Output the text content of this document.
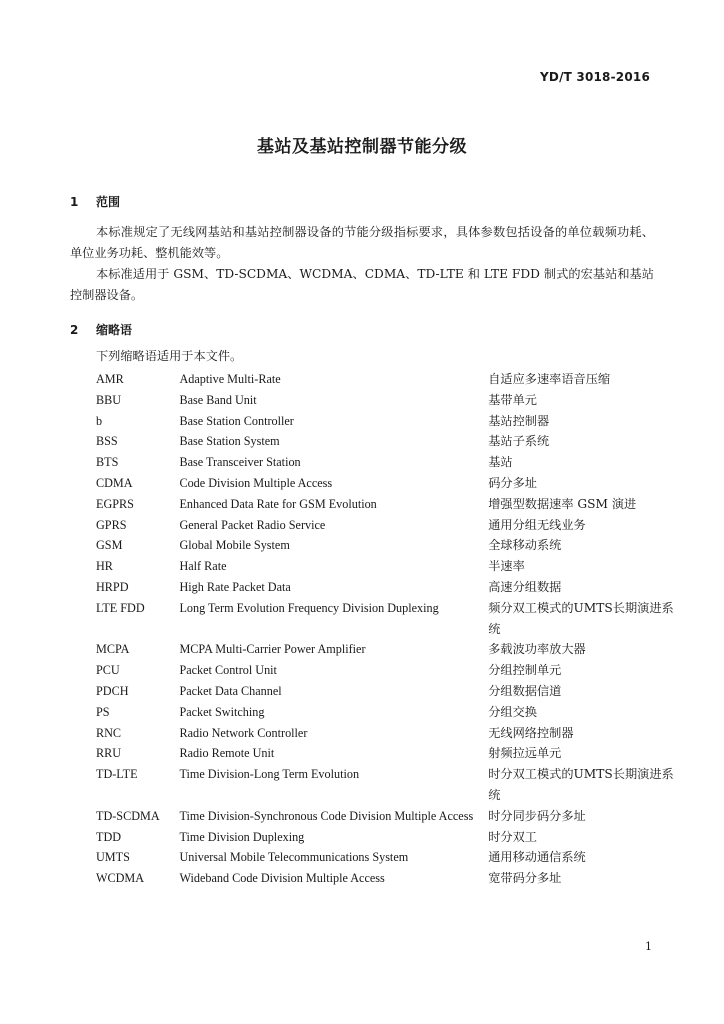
YD/T 3018-2016
基站及基站控制器节能分级
1 范围
本标准规定了无线网基站和基站控制器设备的节能分级指标要求，具体参数包括设备的单位载频功耗、单位业务功耗、整机能效等。
本标准适用于 GSM、TD-SCDMA、WCDMA、CDMA、TD-LTE 和 LTE FDD 制式的宏基站和基站控制器设备。
2 缩略语
下列缩略语适用于本文件。
AMR	Adaptive Multi-Rate	自适应多速率语音压缩
BBU	Base Band Unit	基带单元
b	Base Station Controller	基站控制器
BSS	Base Station System	基站子系统
BTS	Base Transceiver Station	基站
CDMA	Code Division Multiple Access	码分多址
EGPRS	Enhanced Data Rate for GSM Evolution	增强型数据速率 GSM 演进
GPRS	General Packet Radio Service	通用分组无线业务
GSM	Global Mobile System	全球移动系统
HR	Half Rate	半速率
HRPD	High Rate Packet Data	高速分组数据
LTE FDD	Long Term Evolution Frequency Division Duplexing	频分双工模式的UMTS长期演进系统
MCPA	MCPA Multi-Carrier Power Amplifier	多载波功率放大器
PCU	Packet Control Unit	分组控制单元
PDCH	Packet Data Channel	分组数据信道
PS	Packet Switching	分组交换
RNC	Radio Network Controller	无线网络控制器
RRU	Radio Remote Unit	射频拉远单元
TD-LTE	Time Division-Long Term Evolution	时分双工模式的UMTS长期演进系统
TD-SCDMA	Time Division-Synchronous Code Division Multiple Access	时分同步码分多址
TDD	Time Division Duplexing	时分双工
UMTS	Universal Mobile Telecommunications System	通用移动通信系统
WCDMA	Wideband Code Division Multiple Access	宽带码分多址
1
